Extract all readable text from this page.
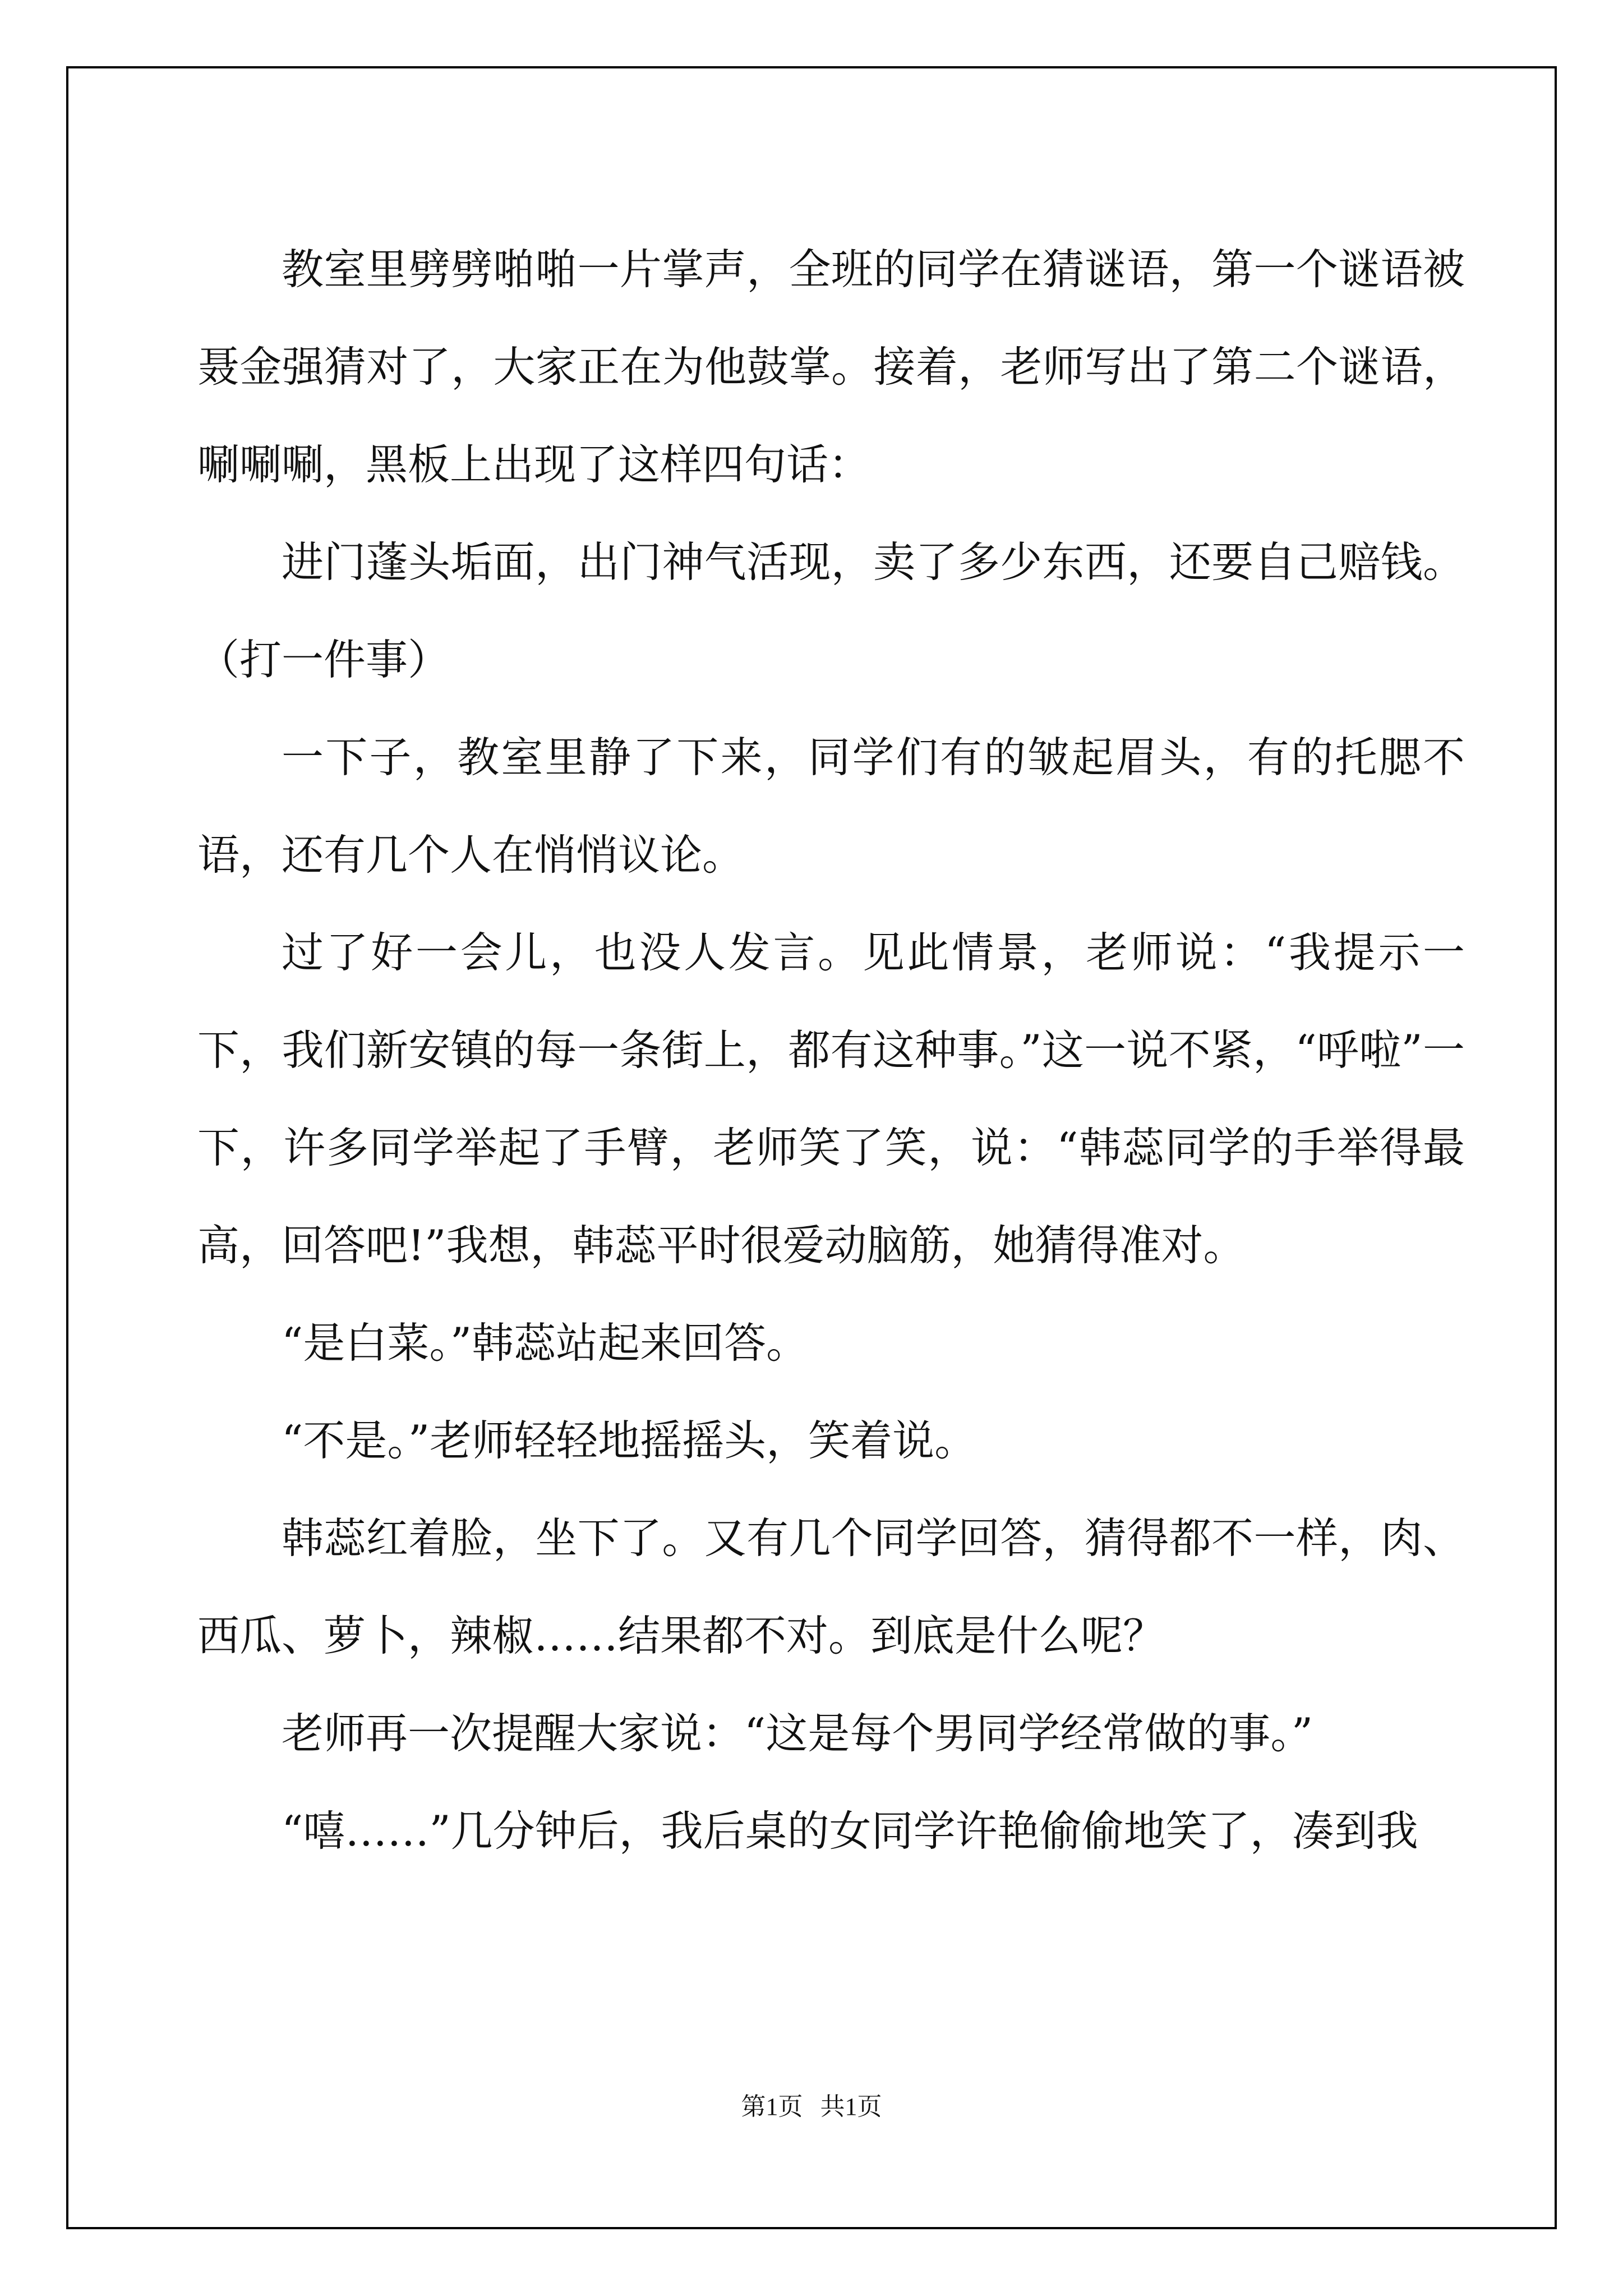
教室里劈劈啪啪一片掌声，全班的同学在猜谜语，第一个谜语被聂金强猜对了，大家正在为他鼓掌。接着，老师写出了第二个谜语，唰唰唰，黑板上出现了这样四句话：

进门蓬头垢面，出门神气活现，卖了多少东西，还要自己赔钱。（打一件事）

一下子，教室里静了下来，同学们有的皱起眉头，有的托腮不语，还有几个人在悄悄议论。

过了好一会儿，也没人发言。见此情景，老师说：“我提示一下，我们新安镇的每一条街上，都有这种事。”这一说不紧，“呼啦”一下，许多同学举起了手臂，老师笑了笑，说：“韩蕊同学的手举得最高，回答吧!”我想，韩蕊平时很爱动脑筋，她猜得准对。

“是白菜。”韩蕊站起来回答。

“不是。”老师轻轻地摇摇头，笑着说。

韩蕊红着脸，坐下了。又有几个同学回答，猜得都不一样，肉、西瓜、萝卜，辣椒……结果都不对。到底是什么呢？

老师再一次提醒大家说：“这是每个男同学经常做的事。”

“嘻……”几分钟后，我后桌的女同学许艳偷偷地笑了，凑到我

第1页 共1页
